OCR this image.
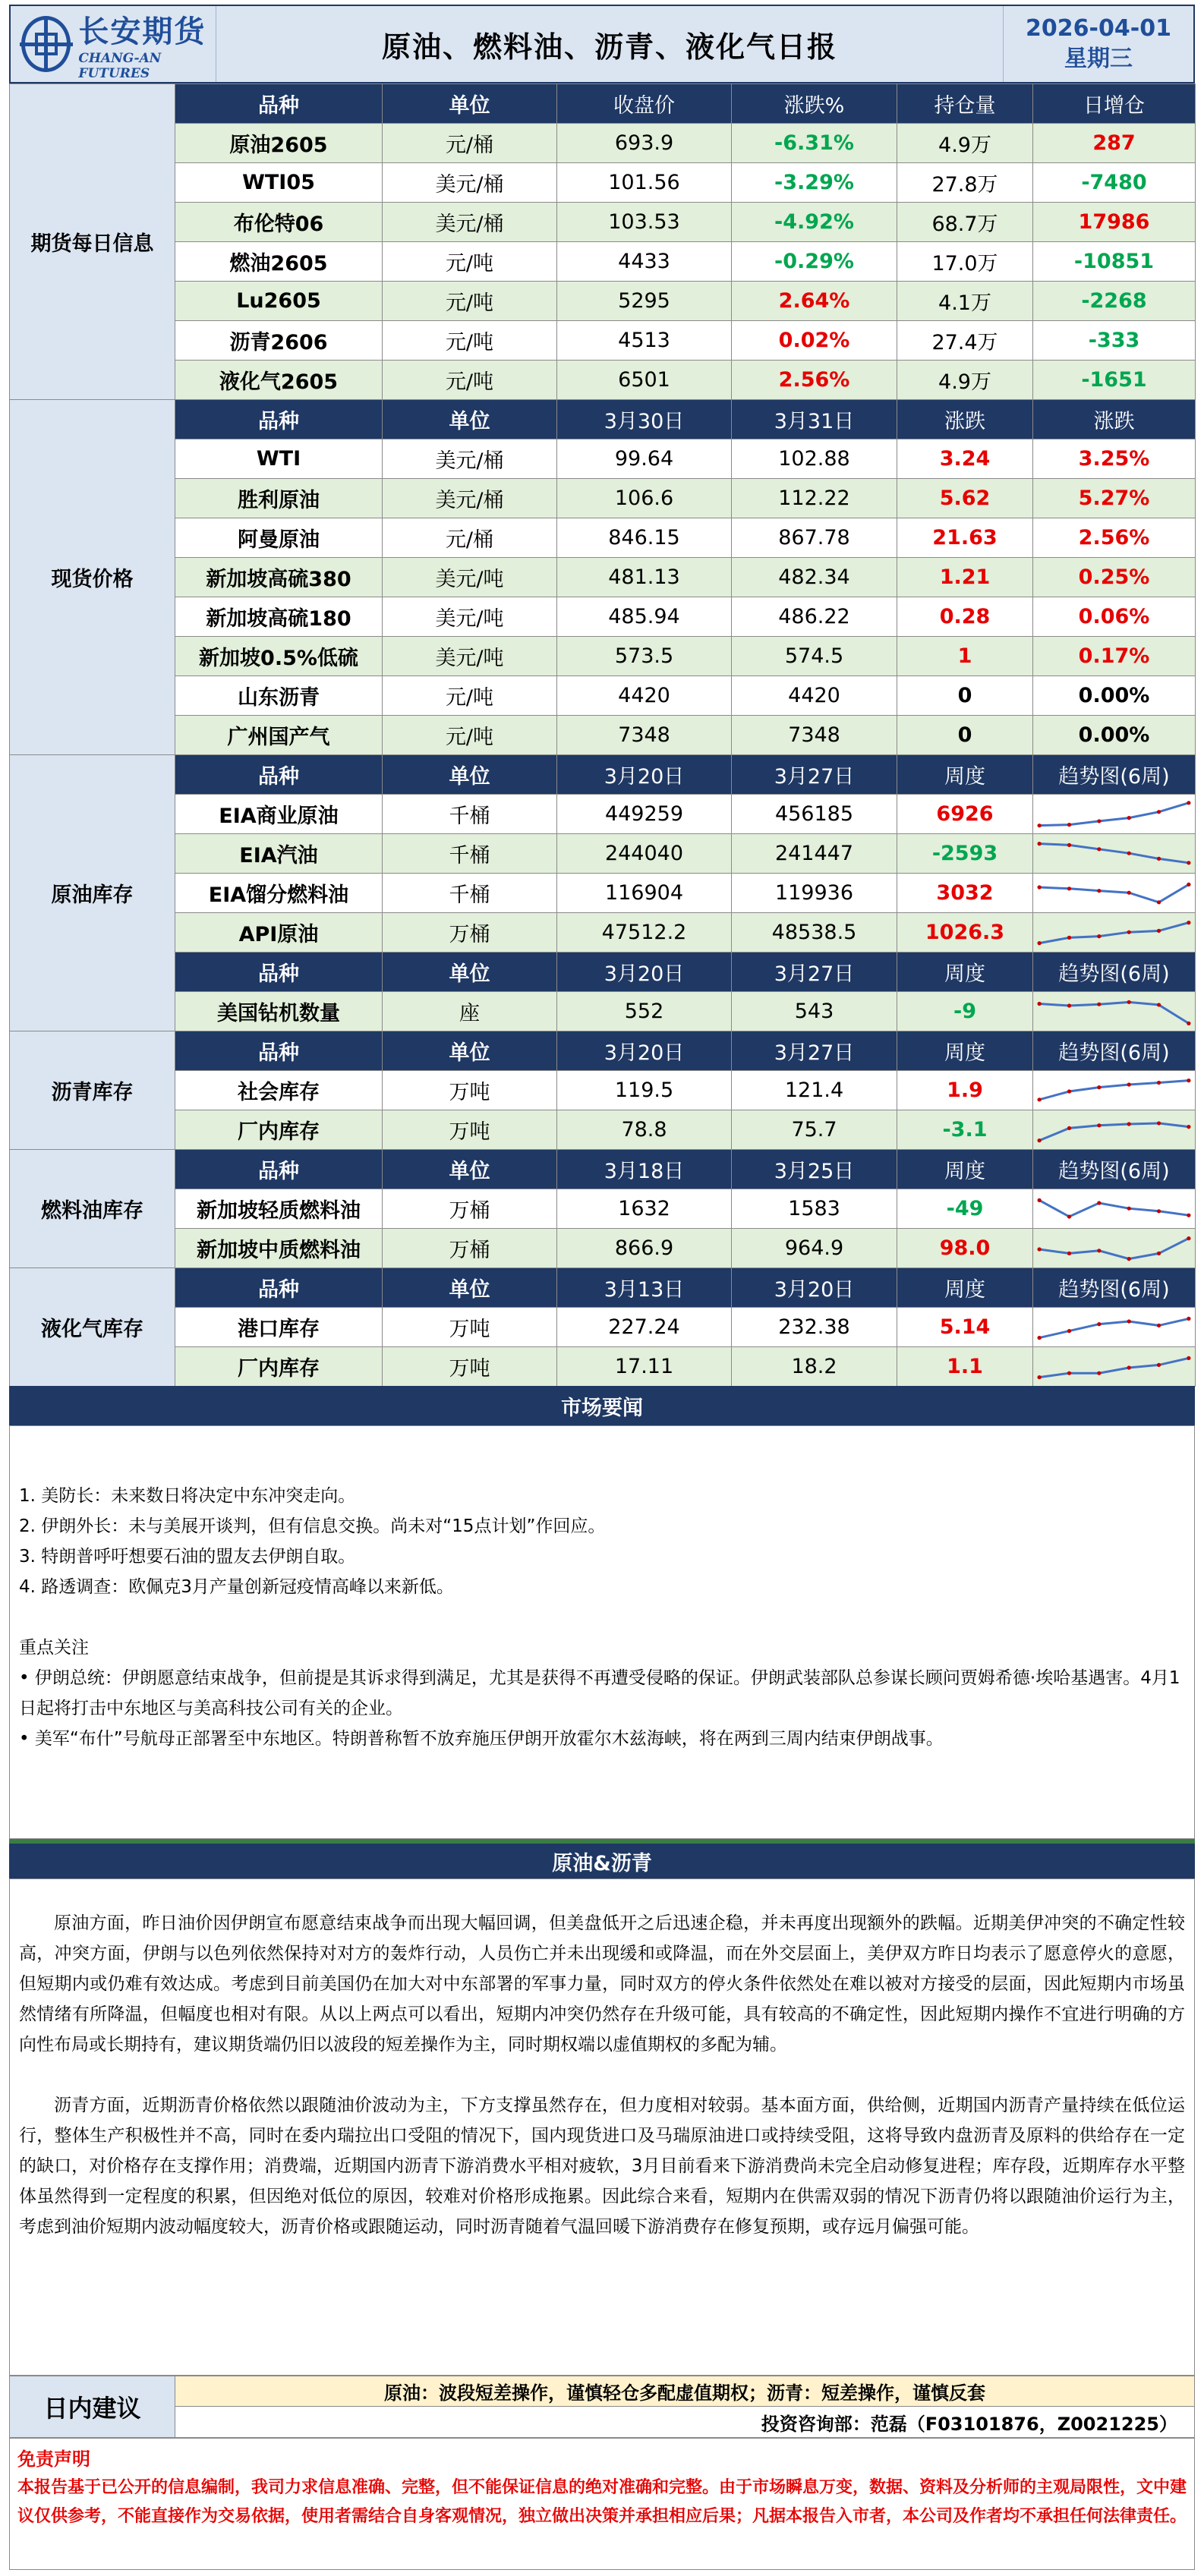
长安期货
CHANG-AN FUTURES
原油、燃料油、沥青、液化气日报
2026-04-01
星期三
期货每日信息	品种	单位	收盘价	涨跌%	持仓量	日增仓
	原油2605	元/桶	693.9	-6.31%	4.9万	287
	WTI05	美元/桶	101.56	-3.29%	27.8万	-7480
	布伦特06	美元/桶	103.53	-4.92%	68.7万	17986
	燃油2605	元/吨	4433	-0.29%	17.0万	-10851
	Lu2605	元/吨	5295	2.64%	4.1万	-2268
	沥青2606	元/吨	4513	0.02%	27.4万	-333
	液化气2605	元/吨	6501	2.56%	4.9万	-1651
现货价格	品种	单位	3月30日	3月31日	涨跌	涨跌
	WTI	美元/桶	99.64	102.88	3.24	3.25%
	胜利原油	美元/桶	106.6	112.22	5.62	5.27%
	阿曼原油	元/桶	846.15	867.78	21.63	2.56%
	新加坡高硫380	美元/吨	481.13	482.34	1.21	0.25%
	新加坡高硫180	美元/吨	485.94	486.22	0.28	0.06%
	新加坡0.5%低硫	美元/吨	573.5	574.5	1	0.17%
	山东沥青	元/吨	4420	4420	0	0.00%
	广州国产气	元/吨	7348	7348	0	0.00%
原油库存	品种	单位	3月20日	3月27日	周度	趋势图(6周)
	EIA商业原油	千桶	449259	456185	6926	

	EIA汽油	千桶	244040	241447	-2593	

	EIA馏分燃料油	千桶	116904	119936	3032	

	API原油	万桶	47512.2	48538.5	1026.3	

	品种	单位	3月20日	3月27日	周度	趋势图(6周)
	美国钻机数量	座	552	543	-9	

沥青库存	品种	单位	3月20日	3月27日	周度	趋势图(6周)
	社会库存	万吨	119.5	121.4	1.9	

	厂内库存	万吨	78.8	75.7	-3.1	

燃料油库存	品种	单位	3月18日	3月25日	周度	趋势图(6周)
	新加坡轻质燃料油	万桶	1632	1583	-49	

	新加坡中质燃料油	万桶	866.9	964.9	98.0	

液化气库存	品种	单位	3月13日	3月20日	周度	趋势图(6周)
	港口库存	万吨	227.24	232.38	5.14	

	厂内库存	万吨	17.11	18.2	1.1	
市场要闻

1. 美防长：未来数日将决定中东冲突走向。

2. 伊朗外长：未与美展开谈判，但有信息交换。尚未对“15点计划”作回应。

3. 特朗普呼吁想要石油的盟友去伊朗自取。

4. 路透调查：欧佩克3月产量创新冠疫情高峰以来新低。

重点关注

• 伊朗总统：伊朗愿意结束战争，但前提是其诉求得到满足，尤其是获得不再遭受侵略的保证。伊朗武装部队总参谋长顾问贾姆希德·埃哈基遇害。4月1日起将打击中东地区与美高科技公司有关的企业。

• 美军“布什”号航母正部署至中东地区。特朗普称暂不放弃施压伊朗开放霍尔木兹海峡，将在两到三周内结束伊朗战事。

原油&沥青

原油方面，昨日油价因伊朗宣布愿意结束战争而出现大幅回调，但美盘低开之后迅速企稳，并未再度出现额外的跌幅。近期美伊冲突的不确定性较高，冲突方面，伊朗与以色列依然保持对对方的轰炸行动，人员伤亡并未出现缓和或降温，而在外交层面上，美伊双方昨日均表示了愿意停火的意愿，但短期内或仍难有效达成。考虑到目前美国仍在加大对中东部署的军事力量，同时双方的停火条件依然处在难以被对方接受的层面，因此短期内市场虽然情绪有所降温，但幅度也相对有限。从以上两点可以看出，短期内冲突仍然存在升级可能，具有较高的不确定性，因此短期内操作不宜进行明确的方向性布局或长期持有，建议期货端仍旧以波段的短差操作为主，同时期权端以虚值期权的多配为辅。

沥青方面，近期沥青价格依然以跟随油价波动为主，下方支撑虽然存在，但力度相对较弱。基本面方面，供给侧，近期国内沥青产量持续在低位运行，整体生产积极性并不高，同时在委内瑞拉出口受阻的情况下，国内现货进口及马瑞原油进口或持续受阻，这将导致内盘沥青及原料的供给存在一定的缺口，对价格存在支撑作用；消费端，近期国内沥青下游消费水平相对疲软，3月目前看来下游消费尚未完全启动修复进程；库存段，近期库存水平整体虽然得到一定程度的积累，但因绝对低位的原因，较难对价格形成拖累。因此综合来看，短期内在供需双弱的情况下沥青仍将以跟随油价运行为主，考虑到油价短期内波动幅度较大，沥青价格或跟随运动，同时沥青随着气温回暖下游消费存在修复预期，或存远月偏强可能。

日内建议
原油：波段短差操作，谨慎轻仓多配虚值期权；沥青：短差操作，谨慎反套
投资咨询部：范磊（F03101876，Z0021225）
免责声明
本报告基于已公开的信息编制，我司力求信息准确、完整，但不能保证信息的绝对准确和完整。由于市场瞬息万变，数据、资料及分析师的主观局限性，文中建议仅供参考，不能直接作为交易依据，使用者需结合自身客观情况，独立做出决策并承担相应后果；凡据本报告入市者，本公司及作者均不承担任何法律责任。
